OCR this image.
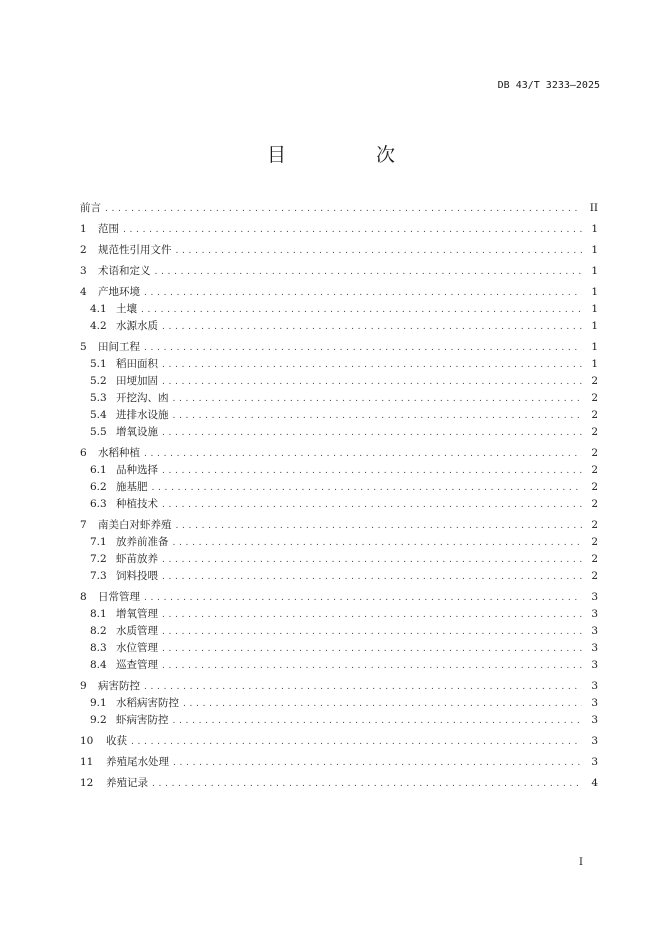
DB 43/T 3233—2025
目 次
前言 . . .	II
1	范围 . . .	1
2	规范性引用文件 . . .	1
3	术语和定义 . . .	1
4	产地环境 . . .	1
4.1 土壤 . . .	1
4.2 水源水质 . . .	1
5	田间工程 . . .	1
5.1 稻田面积 . . .	1
5.2 田埂加固 . . .	2
5.3 开挖沟、凼 . . .	2
5.4 进排水设施 . . .	2
5.5 增氧设施 . . .	2
6	水稻种植 . . .	2
6.1 品种选择 . . .	2
6.2 施基肥 . . .	2
6.3 种植技术 . . .	2
7	南美白对虾养殖 . . .	2
7.1 放养前准备 . . .	2
7.2 虾苗放养 . . .	2
7.3 饲料投喂 . . .	2
8	日常管理 . . .	3
8.1 增氧管理 . . .	3
8.2 水质管理 . . .	3
8.3 水位管理 . . .	3
8.4 巡查管理 . . .	3
9	病害防控 . . .	3
9.1 水稻病害防控 . . .	3
9.2 虾病害防控 . . .	3
10	收获 . . .	3
11	养殖尾水处理 . . .	3
12	养殖记录 . . .	4
I
